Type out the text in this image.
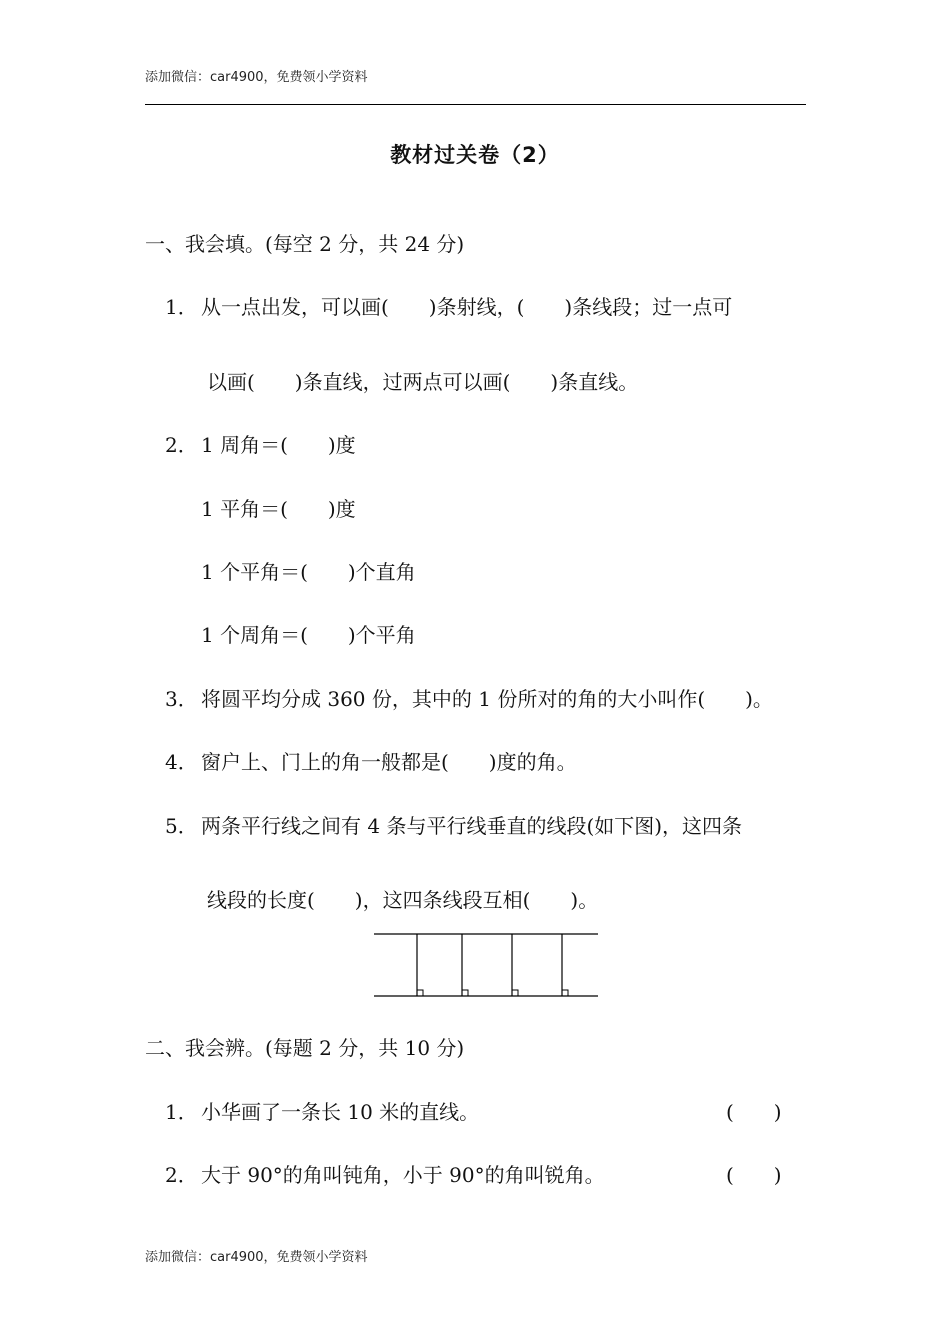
添加微信：car4900，免费领小学资料
教材过关卷（2）
一、我会填。(每空 2 分，共 24 分)
1． 从一点出发，可以画(　　)条射线，(　　)条线段；过一点可
以画(　　)条直线，过两点可以画(　　)条直线。
2． 1 周角＝(　　)度
1 平角＝(　　)度
1 个平角＝(　　)个直角
1 个周角＝(　　)个平角
3． 将圆平均分成 360 份，其中的 1 份所对的角的大小叫作(　　)。
4． 窗户上、门上的角一般都是(　　)度的角。
5． 两条平行线之间有 4 条与平行线垂直的线段(如下图)，这四条
线段的长度(　　)，这四条线段互相(　　)。
二、我会辨。(每题 2 分，共 10 分)
1． 小华画了一条长 10 米的直线。	(　　)
2． 大于 90°的角叫钝角，小于 90°的角叫锐角。	(　　)
添加微信：car4900，免费领小学资料
